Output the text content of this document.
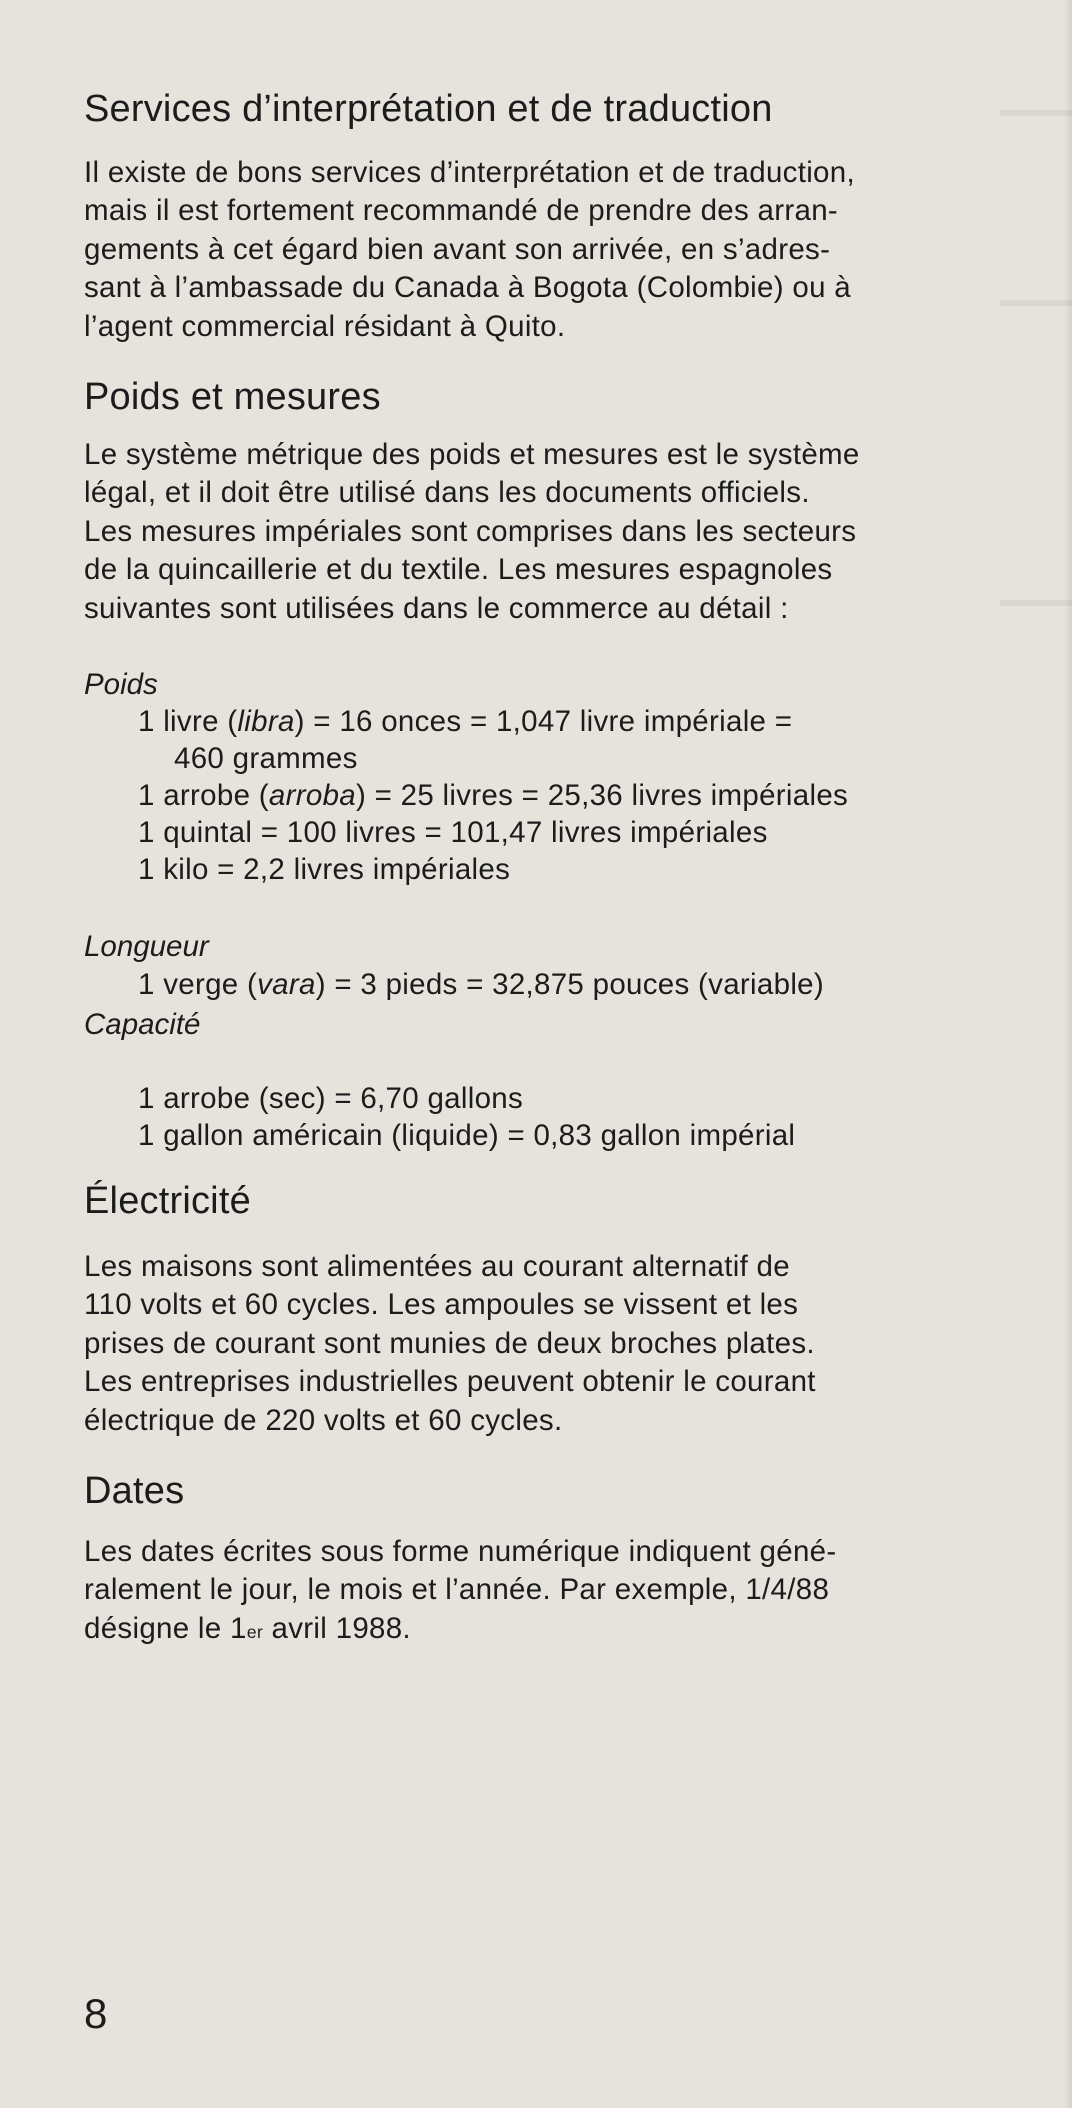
Services d’interprétation et de traduction
Il existe de bons services d’interprétation et de traduction,
mais il est fortement recommandé de prendre des arran-
gements à cet égard bien avant son arrivée, en s’adres-
sant à l’ambassade du Canada à Bogota (Colombie) ou à
l’agent commercial résidant à Quito.
Poids et mesures
Le système métrique des poids et mesures est le système
légal, et il doit être utilisé dans les documents officiels.
Les mesures impériales sont comprises dans les secteurs
de la quincaillerie et du textile. Les mesures espagnoles
suivantes sont utilisées dans le commerce au détail :
Poids
1 livre (libra) = 16 onces = 1,047 livre impériale =
460 grammes
1 arrobe (arroba) = 25 livres = 25,36 livres impériales
1 quintal = 100 livres = 101,47 livres impériales
1 kilo = 2,2 livres impériales
Longueur
1 verge (vara) = 3 pieds = 32,875 pouces (variable)
Capacité
1 arrobe (sec) = 6,70 gallons
1 gallon américain (liquide) = 0,83 gallon impérial
Électricité
Les maisons sont alimentées au courant alternatif de
110 volts et 60 cycles. Les ampoules se vissent et les
prises de courant sont munies de deux broches plates.
Les entreprises industrielles peuvent obtenir le courant
électrique de 220 volts et 60 cycles.
Dates
Les dates écrites sous forme numérique indiquent géné-
ralement le jour, le mois et l’année. Par exemple, 1/4/88
désigne le 1er avril 1988.
8
